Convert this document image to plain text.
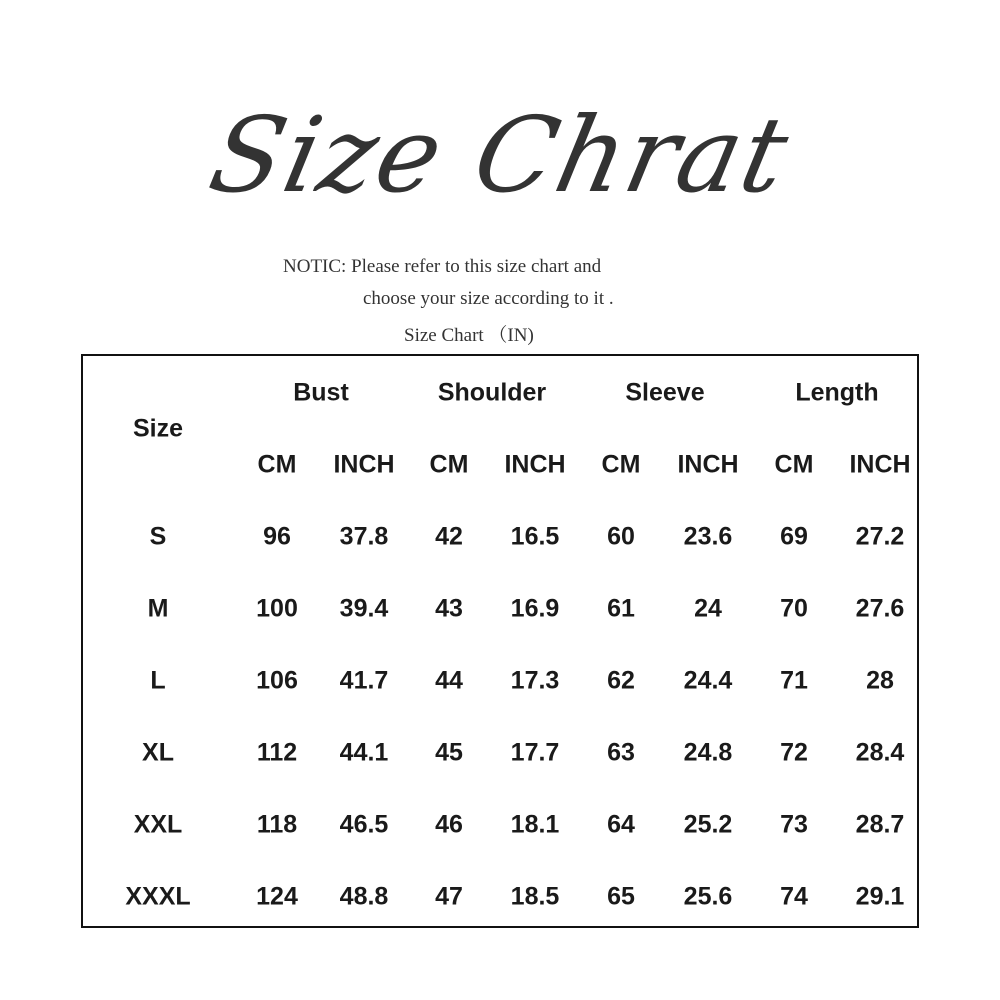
Size Chrat
NOTIC: Please refer to this size chart and
choose your size according to it .
Size Chart （IN)
Size
Bust	Shoulder	Sleeve	Length
CM INCH CM INCH CM INCH CM INCH
S	96 37.8 42 16.5 60 23.6 69 27.2
M	100 39.4 43 16.9 61 24 70 27.6
L	106 41.7 44 17.3 62 24.4 71 28
XL	112 44.1 45 17.7 63 24.8 72 28.4
XXL	118 46.5 46 18.1 64 25.2 73 28.7
XXXL	124 48.8 47 18.5 65 25.6 74 29.1
